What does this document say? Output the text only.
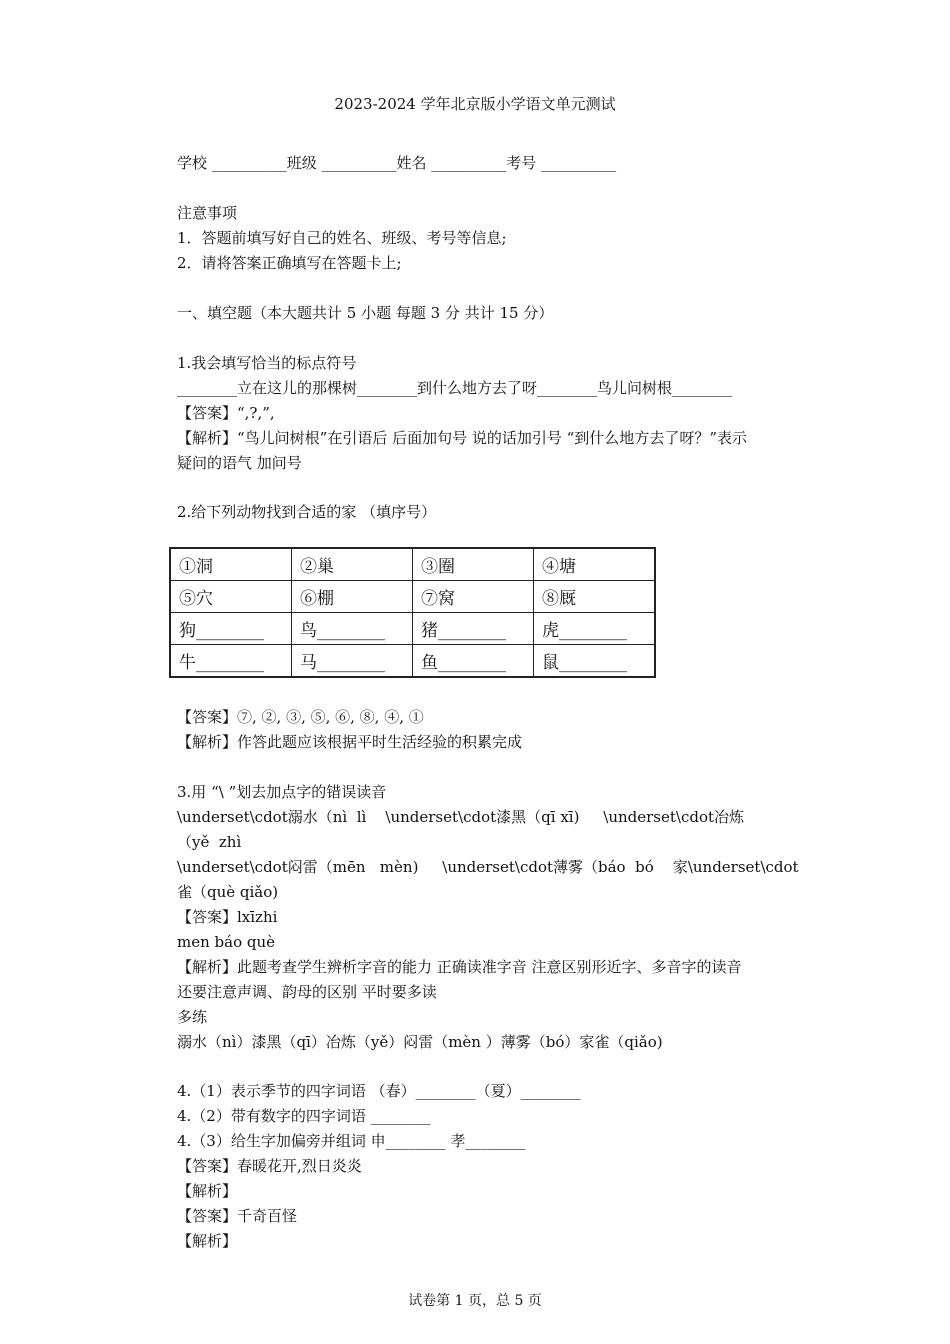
2023-2024 学年北京版小学语文单元测试
学校 __________班级 __________姓名 __________考号 __________
注意事项
1．答题前填写好自己的姓名、班级、考号等信息;
2．请将答案正确填写在答题卡上;
一、填空题（本大题共计 5 小题 每题 3 分 共计 15 分）
1.我会填写恰当的标点符号
________立在这儿的那棵树________到什么地方去了呀________鸟儿问树根________
【答案】“,?,”,
【解析】“鸟儿问树根”在引语后 后面加句号 说的话加引号 “到什么地方去了呀？”表示
疑问的语气 加问号
2.给下列动物找到合适的家 （填序号）
①洞	②巢	③圈	④塘
⑤穴	⑥棚	⑦窝	⑧厩
狗________	鸟________	猪________	虎________
牛________	马________	鱼________	鼠________
【答案】⑦, ②, ③, ⑤, ⑥, ⑧, ④, ①
【解析】作答此题应该根据平时生活经验的积累完成
3.用 “\ ”划去加点字的错误读音
\underset\cdot溺水（nì  lì    \underset\cdot漆黑（qī xī)     \underset\cdot冶炼
（yě  zhì
\underset\cdot闷雷（mēn   mèn)     \underset\cdot薄雾（báo  bó    家\underset\cdot
雀（què qiǎo)
【答案】lxīzhi
men báo què
【解析】此题考查学生辨析字音的能力 正确读准字音 注意区别形近字、多音字的读音
还要注意声调、韵母的区别 平时要多读
多练
溺水（nì）漆黑（qī）冶炼（yě）闷雷（mèn ）薄雾（bó）家雀（qiǎo)
4.（1）表示季节的四字词语 （春）________（夏）________
4.（2）带有数字的四字词语 ________
4.（3）给生字加偏旁并组词 申________ 孝________
【答案】春暖花开,烈日炎炎
【解析】
【答案】千奇百怪
【解析】
试卷第 1 页，总 5 页
